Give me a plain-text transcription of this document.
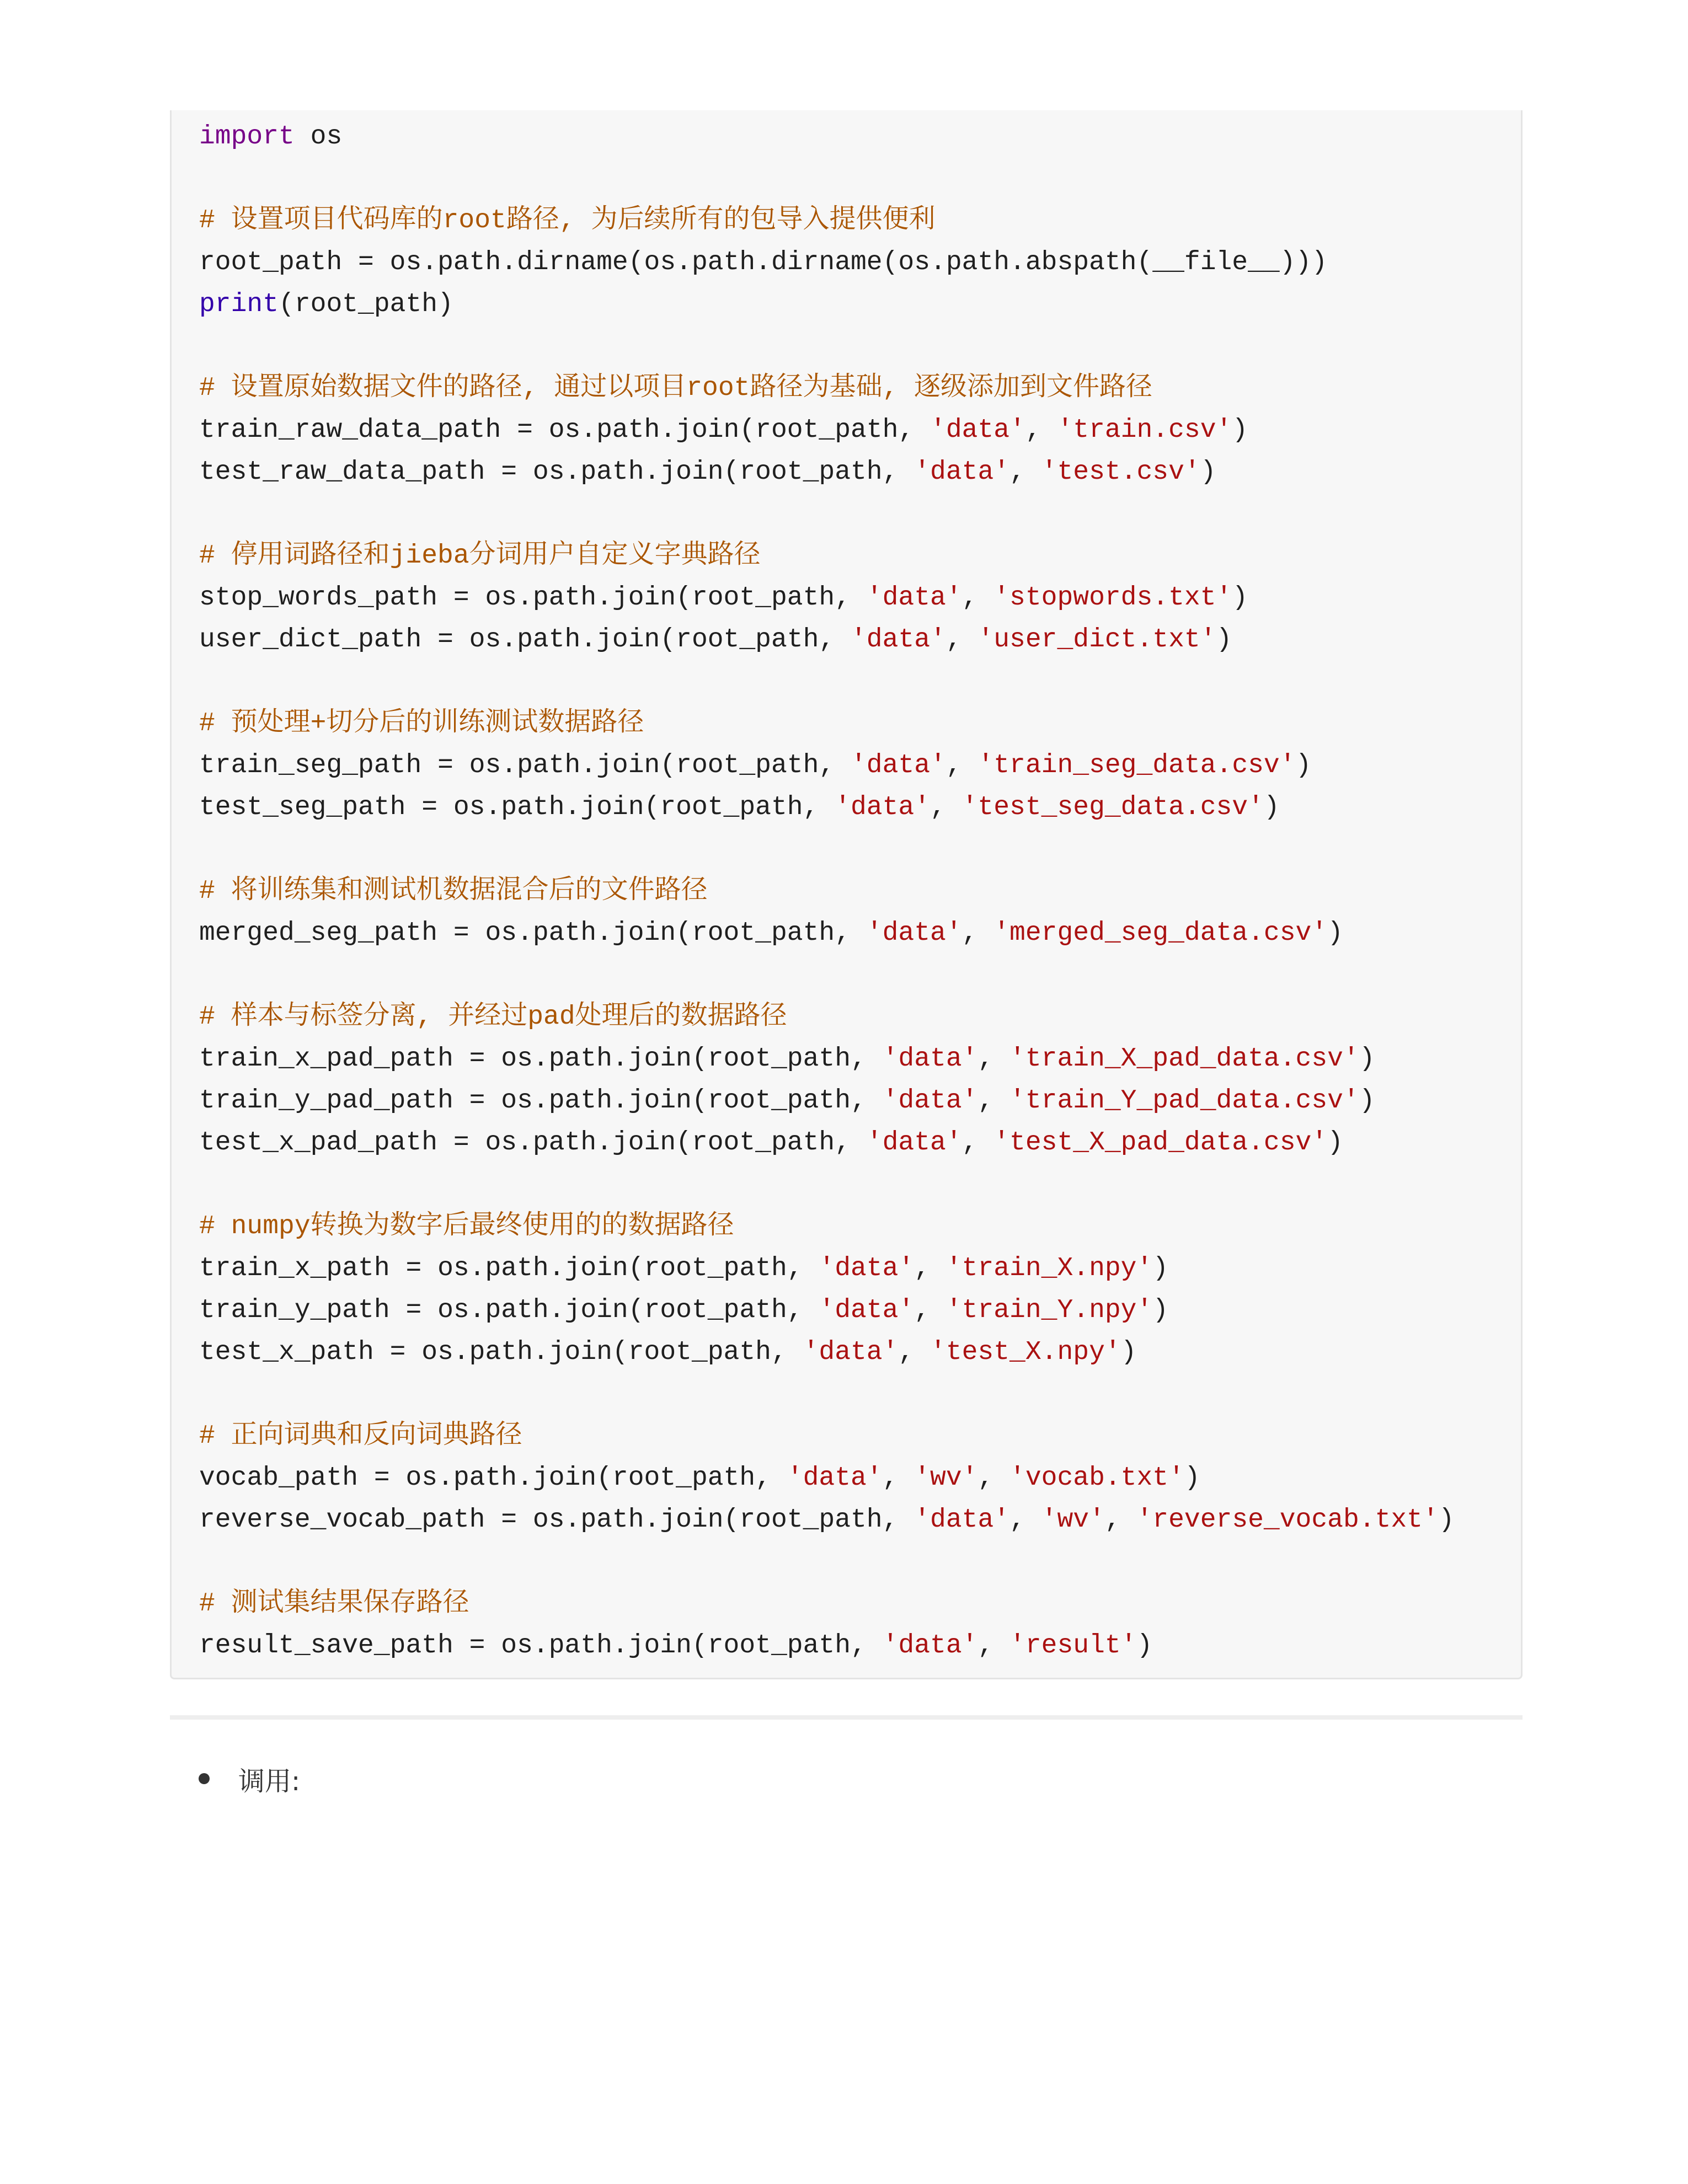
import os
# 设置项目代码库的root路径, 为后续所有的包导入提供便利
root_path = os.path.dirname(os.path.dirname(os.path.abspath(__file__)))
print(root_path)
# 设置原始数据文件的路径, 通过以项目root路径为基础, 逐级添加到文件路径
train_raw_data_path = os.path.join(root_path, 'data', 'train.csv')
test_raw_data_path = os.path.join(root_path, 'data', 'test.csv')
# 停用词路径和jieba分词用户自定义字典路径
stop_words_path = os.path.join(root_path, 'data', 'stopwords.txt')
user_dict_path = os.path.join(root_path, 'data', 'user_dict.txt')
# 预处理+切分后的训练测试数据路径
train_seg_path = os.path.join(root_path, 'data', 'train_seg_data.csv')
test_seg_path = os.path.join(root_path, 'data', 'test_seg_data.csv')
# 将训练集和测试机数据混合后的文件路径
merged_seg_path = os.path.join(root_path, 'data', 'merged_seg_data.csv')
# 样本与标签分离, 并经过pad处理后的数据路径
train_x_pad_path = os.path.join(root_path, 'data', 'train_X_pad_data.csv')
train_y_pad_path = os.path.join(root_path, 'data', 'train_Y_pad_data.csv')
test_x_pad_path = os.path.join(root_path, 'data', 'test_X_pad_data.csv')
# numpy转换为数字后最终使用的的数据路径
train_x_path = os.path.join(root_path, 'data', 'train_X.npy')
train_y_path = os.path.join(root_path, 'data', 'train_Y.npy')
test_x_path = os.path.join(root_path, 'data', 'test_X.npy')
# 正向词典和反向词典路径
vocab_path = os.path.join(root_path, 'data', 'wv', 'vocab.txt')
reverse_vocab_path = os.path.join(root_path, 'data', 'wv', 'reverse_vocab.txt')
# 测试集结果保存路径
result_save_path = os.path.join(root_path, 'data', 'result')
调用:
